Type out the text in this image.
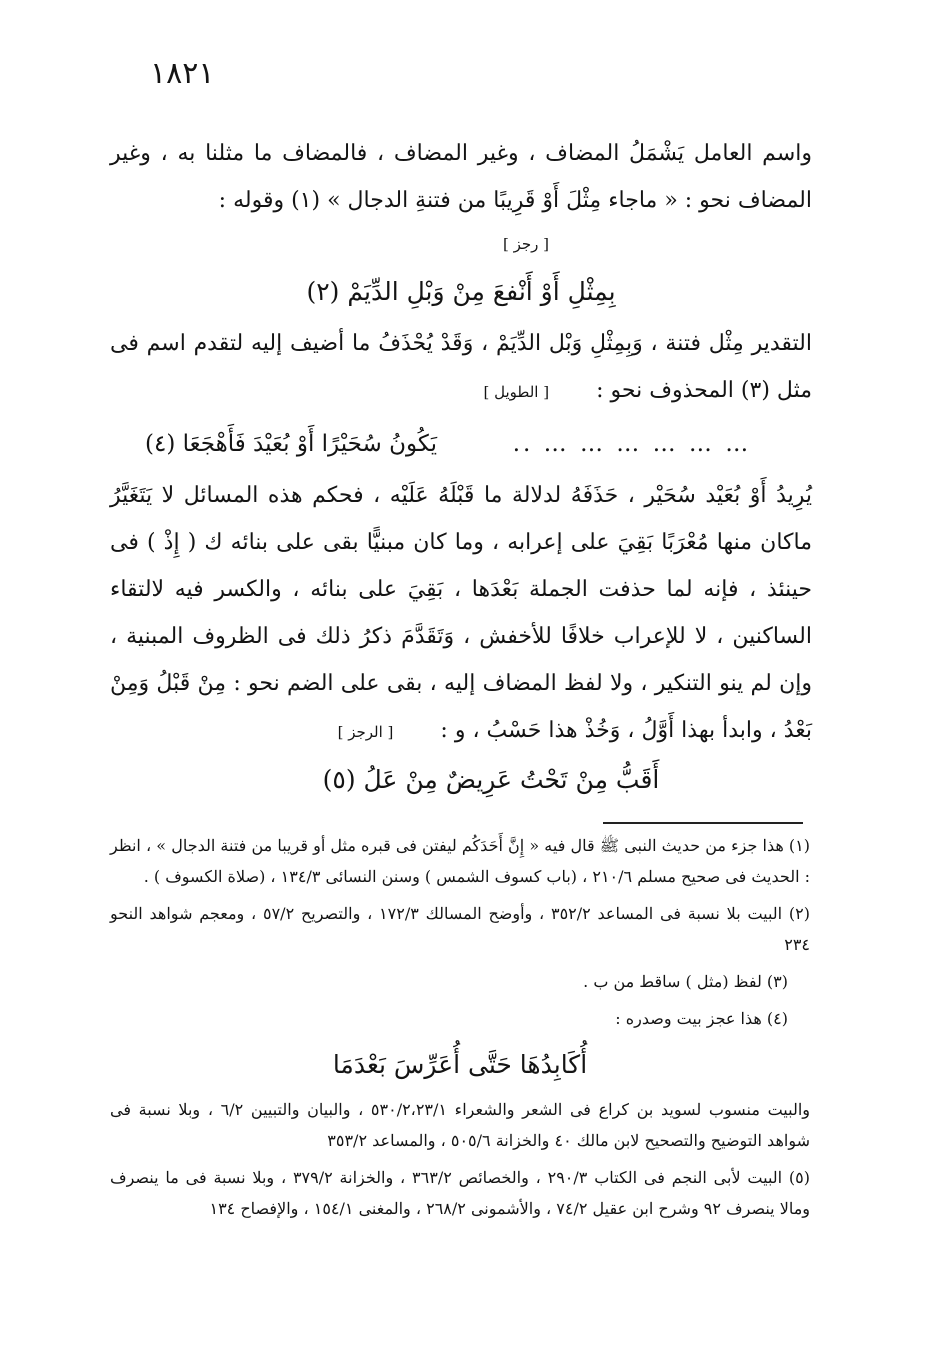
١٨٢١

واسم العامل يَشْمَلُ المضاف ، وغير المضاف ، فالمضاف ما مثلنا به ، وغير المضاف نحو : « ماجاء مِثْلَ أَوْ قَرِيبًا من فتنةِ الدجال » (١) وقوله :

[ رجز ]
بِمِثْلِ أَوْ أَنْفعَ مِنْ وَبْلِ الدِّيَمْ (٢)

التقدير مِثْل فتنة ، وَبِمِثْلِ وَبْل الدِّيَمْ ، وَقَدْ يُحْذَفُ ما أضيف إليه لتقدم اسم فى مثل (٣) المحذوف نحو : [ الطويل ]

… … … … … … ..
يَكُونُ سُحَيْرًا أَوْ بُعَيْدَ فَأَهْجَعَا (٤)

يُرِيدُ أَوْ بُعَيْد سُحَيْر ، حَذَفَهُ لدلالة ما قَبْلَهُ عَلَيْه ، فحكم هذه المسائل لا يَتَغَيَّرُ ماكان منها مُعْرَبًا بَقِيَ على إعرابه ، وما كان مبنيًّا بقى على بنائه ك ( إِذْ ) فى حينئذ ، فإنه لما حذفت الجملة بَعْدَها ، بَقِيَ على بنائه ، والكسر فيه لالتقاء الساكنين ، لا للإعراب خلافًا للأخفش ، وَتَقَدَّمَ ذكرُ ذلك فى الظروف المبنية ، وإن لم ينو التنكير ، ولا لفظ المضاف إليه ، بقى على الضم نحو : مِنْ قَبْلُ وَمِنْ بَعْدُ ، وابدأ بهذا أَوَّلُ ، وَخُذْ هذا حَسْبُ ، و : [ الرجز ]

أَقَبُّ مِنْ تَحْتُ عَرِيضٌ مِنْ عَلُ (٥)

(١) هذا جزء من حديث النبى ﷺ قال فيه « إِنَّ أَحَدَكُم ليفتن فى قبره مثل أو قريبا من فتنة الدجال » ، انظر : الحديث فى صحيح مسلم ٢١٠/٦ ، (باب كسوف الشمس ) وسنن النسائى ١٣٤/٣ ، (صلاة الكسوف ) .

(٢) البيت بلا نسبة فى المساعد ٣٥٢/٢ ، وأوضح المسالك ١٧٢/٣ ، والتصريح ٥٧/٢ ، ومعجم شواهد النحو ٢٣٤

(٣) لفظ (مثل ) ساقط من ب .

(٤) هذا عجز بيت وصدره :

أُكَابِدُهَا حَتَّى أُعَرِّسَ بَعْدَمَا

والبيت منسوب لسويد بن كراع فى الشعر والشعراء ٥٣٠/٢،٢٣/١ ، والبيان والتبيين ٦/٢ ، وبلا نسبة فى شواهد التوضيح والتصحيح لابن مالك ٤٠ والخزانة ٥٠٥/٦ ، والمساعد ٣٥٣/٢

(٥) البيت لأبى النجم فى الكتاب ٢٩٠/٣ ، والخصائص ٣٦٣/٢ ، والخزانة ٣٧٩/٢ ، وبلا نسبة فى ما ينصرف ومالا ينصرف ٩٢ وشرح ابن عقيل ٧٤/٢ ، والأشمونى ٢٦٨/٢ ، والمغنى ١٥٤/١ ، والإفصاح ١٣٤
